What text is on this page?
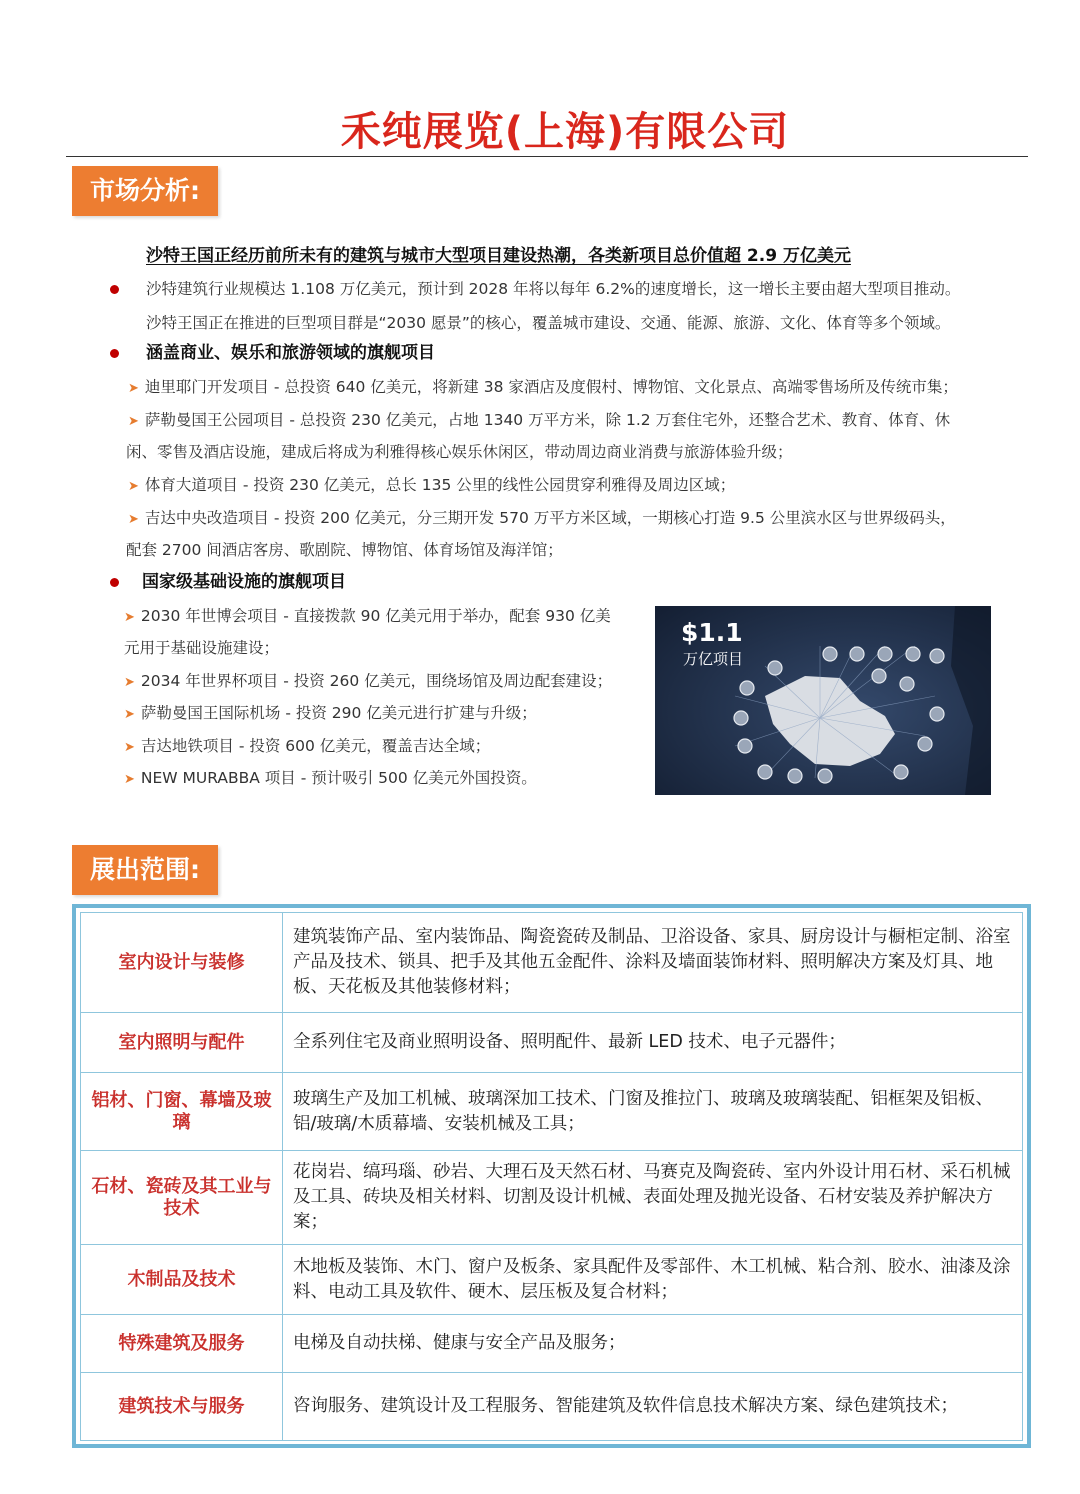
禾纯展览(上海)有限公司
市场分析:
沙特王国正经历前所未有的建筑与城市大型项目建设热潮，各类新项目总价值超 2.9 万亿美元
沙特建筑行业规模达 1.108 万亿美元，预计到 2028 年将以每年 6.2%的速度增长，这一增长主要由超大型项目推动。
沙特王国正在推进的巨型项目群是“2030 愿景”的核心，覆盖城市建设、交通、能源、旅游、文化、体育等多个领域。
涵盖商业、娱乐和旅游领域的旗舰项目
➤ 迪里耶门开发项目 - 总投资 640 亿美元，将新建 38 家酒店及度假村、博物馆、文化景点、高端零售场所及传统市集；
➤ 萨勒曼国王公园项目 - 总投资 230 亿美元，占地 1340 万平方米，除 1.2 万套住宅外，还整合艺术、教育、体育、休
闲、零售及酒店设施，建成后将成为利雅得核心娱乐休闲区，带动周边商业消费与旅游体验升级；
➤ 体育大道项目 - 投资 230 亿美元，总长 135 公里的线性公园贯穿利雅得及周边区域；
➤ 吉达中央改造项目 - 投资 200 亿美元，分三期开发 570 万平方米区域，一期核心打造 9.5 公里滨水区与世界级码头，
配套 2700 间酒店客房、歌剧院、博物馆、体育场馆及海洋馆；
国家级基础设施的旗舰项目
➤ 2030 年世博会项目 - 直接拨款 90 亿美元用于举办，配套 930 亿美
元用于基础设施建设；
➤ 2034 年世界杯项目 - 投资 260 亿美元，围绕场馆及周边配套建设；
➤ 萨勒曼国王国际机场 - 投资 290 亿美元进行扩建与升级；
➤ 吉达地铁项目 - 投资 600 亿美元，覆盖吉达全域；
➤ NEW MURABBA 项目 - 预计吸引 500 亿美元外国投资。
$1.1
万亿项目
展出范围:
室内设计与装修	建筑装饰产品、室内装饰品、陶瓷瓷砖及制品、卫浴设备、家具、厨房设计与橱柜定制、浴室产品及技术、锁具、把手及其他五金配件、涂料及墙面装饰材料、照明解决方案及灯具、地板、天花板及其他装修材料；
室内照明与配件	全系列住宅及商业照明设备、照明配件、最新 LED 技术、电子元器件；
铝材、门窗、幕墙及玻璃	玻璃生产及加工机械、玻璃深加工技术、门窗及推拉门、玻璃及玻璃装配、铝框架及铝板、铝/玻璃/木质幕墙、安装机械及工具；
石材、瓷砖及其工业与技术	花岗岩、缟玛瑙、砂岩、大理石及天然石材、马赛克及陶瓷砖、室内外设计用石材、采石机械及工具、砖块及相关材料、切割及设计机械、表面处理及抛光设备、石材安装及养护解决方案；
木制品及技术	木地板及装饰、木门、窗户及板条、家具配件及零部件、木工机械、粘合剂、胶水、油漆及涂料、电动工具及软件、硬木、层压板及复合材料；
特殊建筑及服务	电梯及自动扶梯、健康与安全产品及服务；
建筑技术与服务	咨询服务、建筑设计及工程服务、智能建筑及软件信息技术解决方案、绿色建筑技术；
